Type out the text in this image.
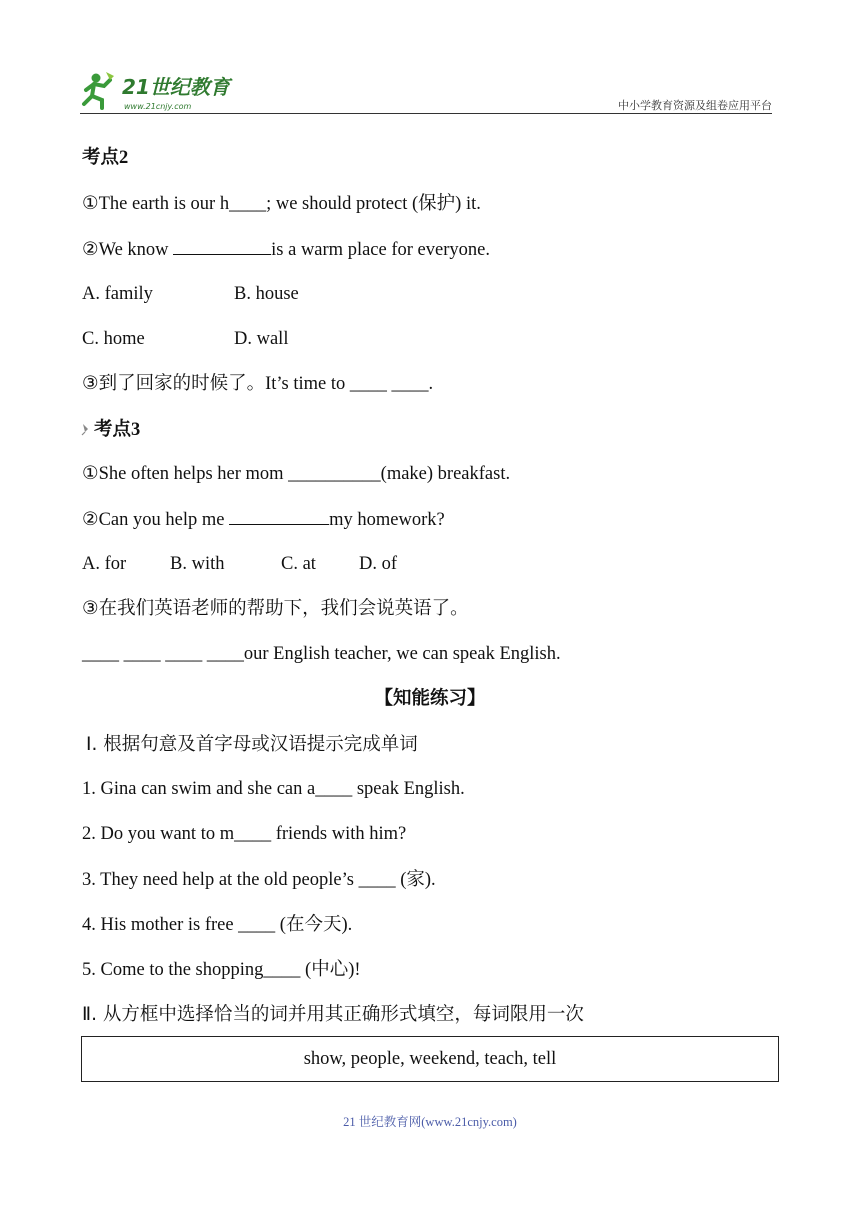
21世纪教育
www.21cnjy.com	中小学教育资源及组卷应用平台
考点2
①The earth is our h____; we should protect (保护) it.
②We know	is a warm place for everyone.
A. family	B. house
C. home	D. wall
③到了回家的时候了。It’s time to ____ ____.
考点3
①She often helps her mom __________(make) breakfast.
②Can you help me	my homework?
A. for B. with	C. at D. of
③在我们英语老师的帮助下，我们会说英语了。
____ ____ ____ ____our English teacher, we can speak English.
【知能练习】
Ⅰ. 根据句意及首字母或汉语提示完成单词
1. Gina can swim and she can a____ speak English.
2. Do you want to m____ friends with him?
3. They need help at the old people’s ____ (家).
4. His mother is free ____ (在今天).
5. Come to the shopping____ (中心)!
Ⅱ. 从方框中选择恰当的词并用其正确形式填空，每词限用一次
show, people, weekend, teach, tell
21 世纪教育网(www.21cnjy.com)
